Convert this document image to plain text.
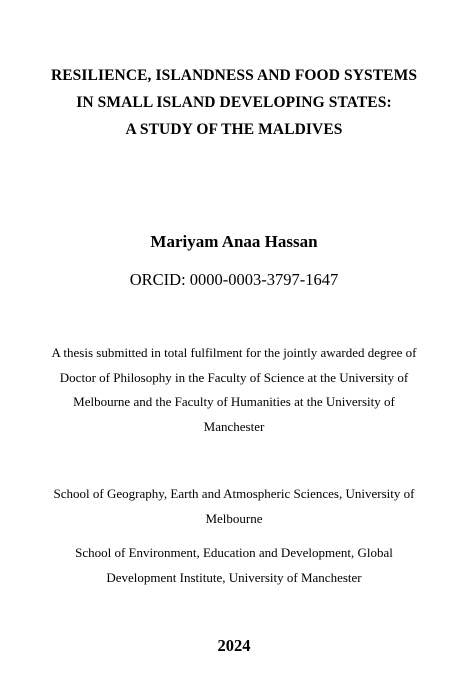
RESILIENCE, ISLANDNESS AND FOOD SYSTEMS
IN SMALL ISLAND DEVELOPING STATES:
A STUDY OF THE MALDIVES
Mariyam Anaa Hassan
ORCID: 0000-0003-3797-1647
A thesis submitted in total fulfilment for the jointly awarded degree of
Doctor of Philosophy in the Faculty of Science at the University of
Melbourne and the Faculty of Humanities at the University of
Manchester
School of Geography, Earth and Atmospheric Sciences, University of
Melbourne
School of Environment, Education and Development, Global
Development Institute, University of Manchester
2024
